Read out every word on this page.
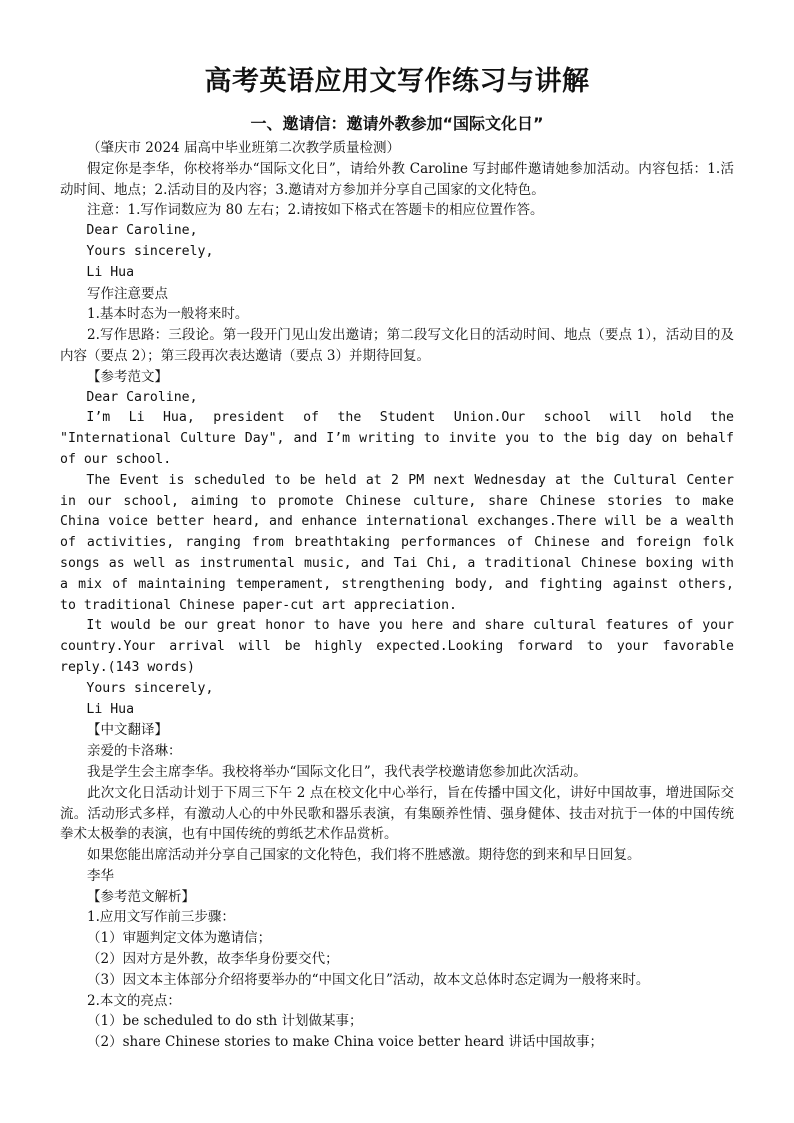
高考英语应用文写作练习与讲解
一、邀请信：邀请外教参加“国际文化日”

（肇庆市 2024 届高中毕业班第二次教学质量检测）

假定你是李华，你校将举办“国际文化日”，请给外教 Caroline 写封邮件邀请她参加活动。内容包括：1.活动时间、地点；2.活动目的及内容；3.邀请对方参加并分享自己国家的文化特色。

注意：1.写作词数应为 80 左右；2.请按如下格式在答题卡的相应位置作答。

Dear Caroline,

Yours sincerely,

Li Hua

写作注意要点

1.基本时态为一般将来时。

2.写作思路：三段论。第一段开门见山发出邀请；第二段写文化日的活动时间、地点（要点 1），活动目的及内容（要点 2）；第三段再次表达邀请（要点 3）并期待回复。

【参考范文】

Dear Caroline,

I’m Li Hua, president of the Student Union.Our school will hold the "International Culture Day", and I’m writing to invite you to the big day on behalf of our school.

The Event is scheduled to be held at 2 PM next Wednesday at the Cultural Center in our school, aiming to promote Chinese culture, share Chinese stories to make China voice better heard, and enhance international exchanges.There will be a wealth of activities, ranging from breathtaking performances of Chinese and foreign folk songs as well as instrumental music, and Tai Chi, a traditional Chinese boxing with a mix of maintaining temperament, strengthening body, and fighting against others, to traditional Chinese paper-cut art appreciation.

It would be our great honor to have you here and share cultural features of your country.Your arrival will be highly expected.Looking forward to your favorable reply.(143 words)

Yours sincerely,

Li Hua

【中文翻译】

亲爱的卡洛琳：

我是学生会主席李华。我校将举办“国际文化日”，我代表学校邀请您参加此次活动。

此次文化日活动计划于下周三下午 2 点在校文化中心举行，旨在传播中国文化，讲好中国故事，增进国际交流。活动形式多样，有激动人心的中外民歌和器乐表演，有集颐养性情、强身健体、技击对抗于一体的中国传统拳术太极拳的表演，也有中国传统的剪纸艺术作品赏析。

如果您能出席活动并分享自己国家的文化特色，我们将不胜感激。期待您的到来和早日回复。

李华

【参考范文解析】

1.应用文写作前三步骤：

（1）审题判定文体为邀请信；

（2）因对方是外教，故李华身份要交代；

（3）因文本主体部分介绍将要举办的“中国文化日”活动，故本文总体时态定调为一般将来时。

2.本文的亮点：

（1）be scheduled to do sth 计划做某事；

（2）share Chinese stories to make China voice better heard 讲话中国故事；
